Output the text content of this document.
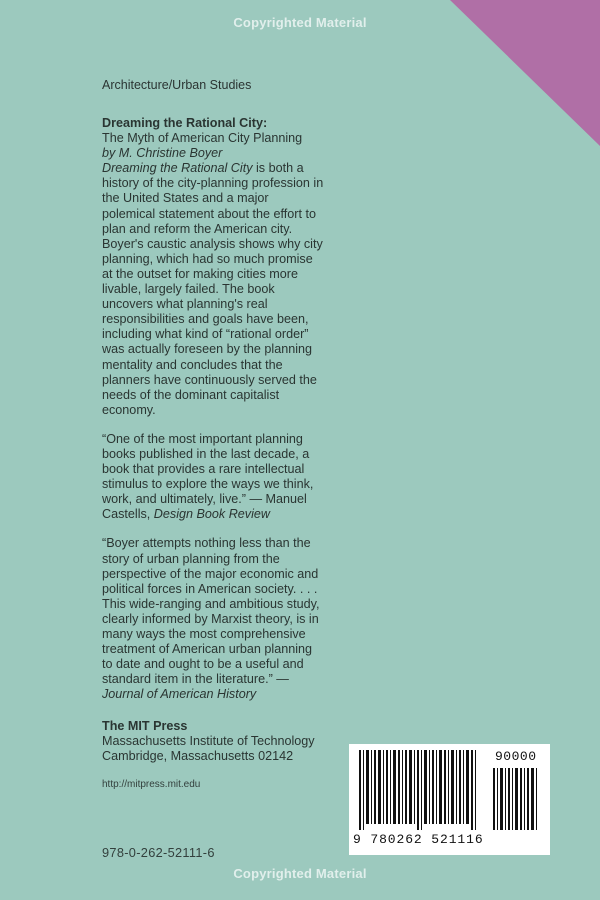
Copyrighted Material
Architecture/Urban Studies
Dreaming the Rational City:
The Myth of American City Planning
by M. Christine Boyer

Dreaming the Rational City is both a history of the city-planning profession in the United States and a major polemical statement about the effort to plan and reform the American city. Boyer's caustic analysis shows why city planning, which had so much promise at the outset for making cities more livable, largely failed. The book uncovers what planning's real responsibilities and goals have been, including what kind of “rational order” was actually foreseen by the planning mentality and concludes that the planners have continuously served the needs of the dominant capitalist economy.

“One of the most important planning books published in the last decade, a book that provides a rare intellectual stimulus to explore the ways we think, work, and ultimately, live.” — Manuel Castells, Design Book Review

“Boyer attempts nothing less than the story of urban planning from the perspective of the major economic and political forces in American society. . . . This wide-ranging and ambitious study, clearly informed by Marxist theory, is in many ways the most comprehensive treatment of American urban planning to date and ought to be a useful and standard item in the literature.” — Journal of American History

The MIT Press
Massachusetts Institute of Technology
Cambridge, Massachusetts 02142
http://mitpress.mit.edu
978-0-262-52111-6
90000
9 780262 521116
Copyrighted Material
